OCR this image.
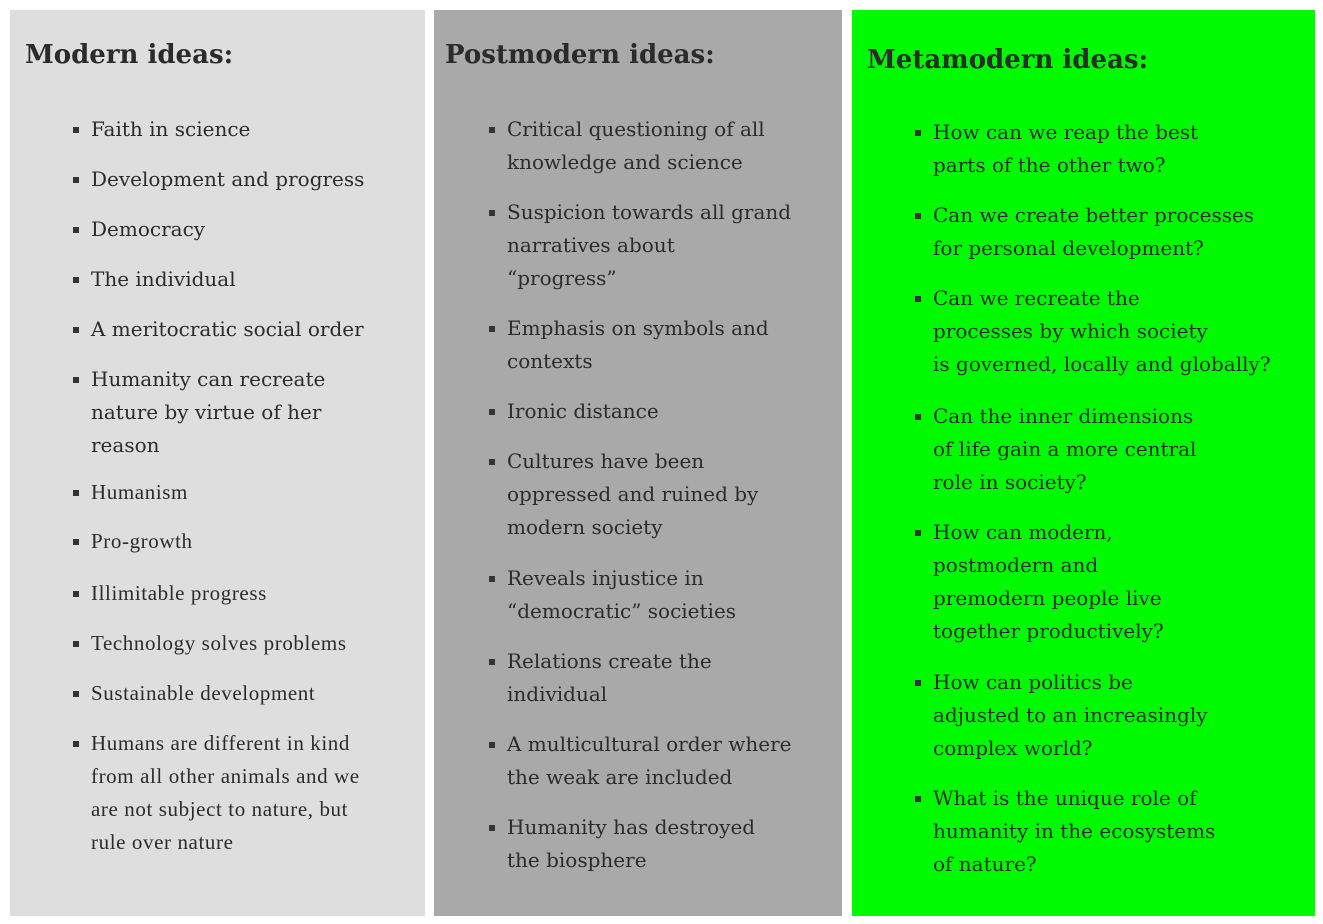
Modern ideas:
Faith in science
Development and progress
Democracy
The individual
A meritocratic social order
Humanity can recreate
nature by virtue of her
reason
Humanism
Pro-growth
Illimitable progress
Technology solves problems
Sustainable development
Humans are different in kind
from all other animals and we
are not subject to nature, but
rule over nature
Postmodern ideas:
Critical questioning of all
knowledge and science
Suspicion towards all grand
narratives about
“progress”
Emphasis on symbols and
contexts
Ironic distance
Cultures have been
oppressed and ruined by
modern society
Reveals injustice in
“democratic” societies
Relations create the
individual
A multicultural order where
the weak are included
Humanity has destroyed
the biosphere
Metamodern ideas:
How can we reap the best
parts of the other two?
Can we create better processes
for personal development?
Can we recreate the
processes by which society
is governed, locally and globally?
Can the inner dimensions
of life gain a more central
role in society?
How can modern,
postmodern and
premodern people live
together productively?
How can politics be
adjusted to an increasingly
complex world?
What is the unique role of
humanity in the ecosystems
of nature?
